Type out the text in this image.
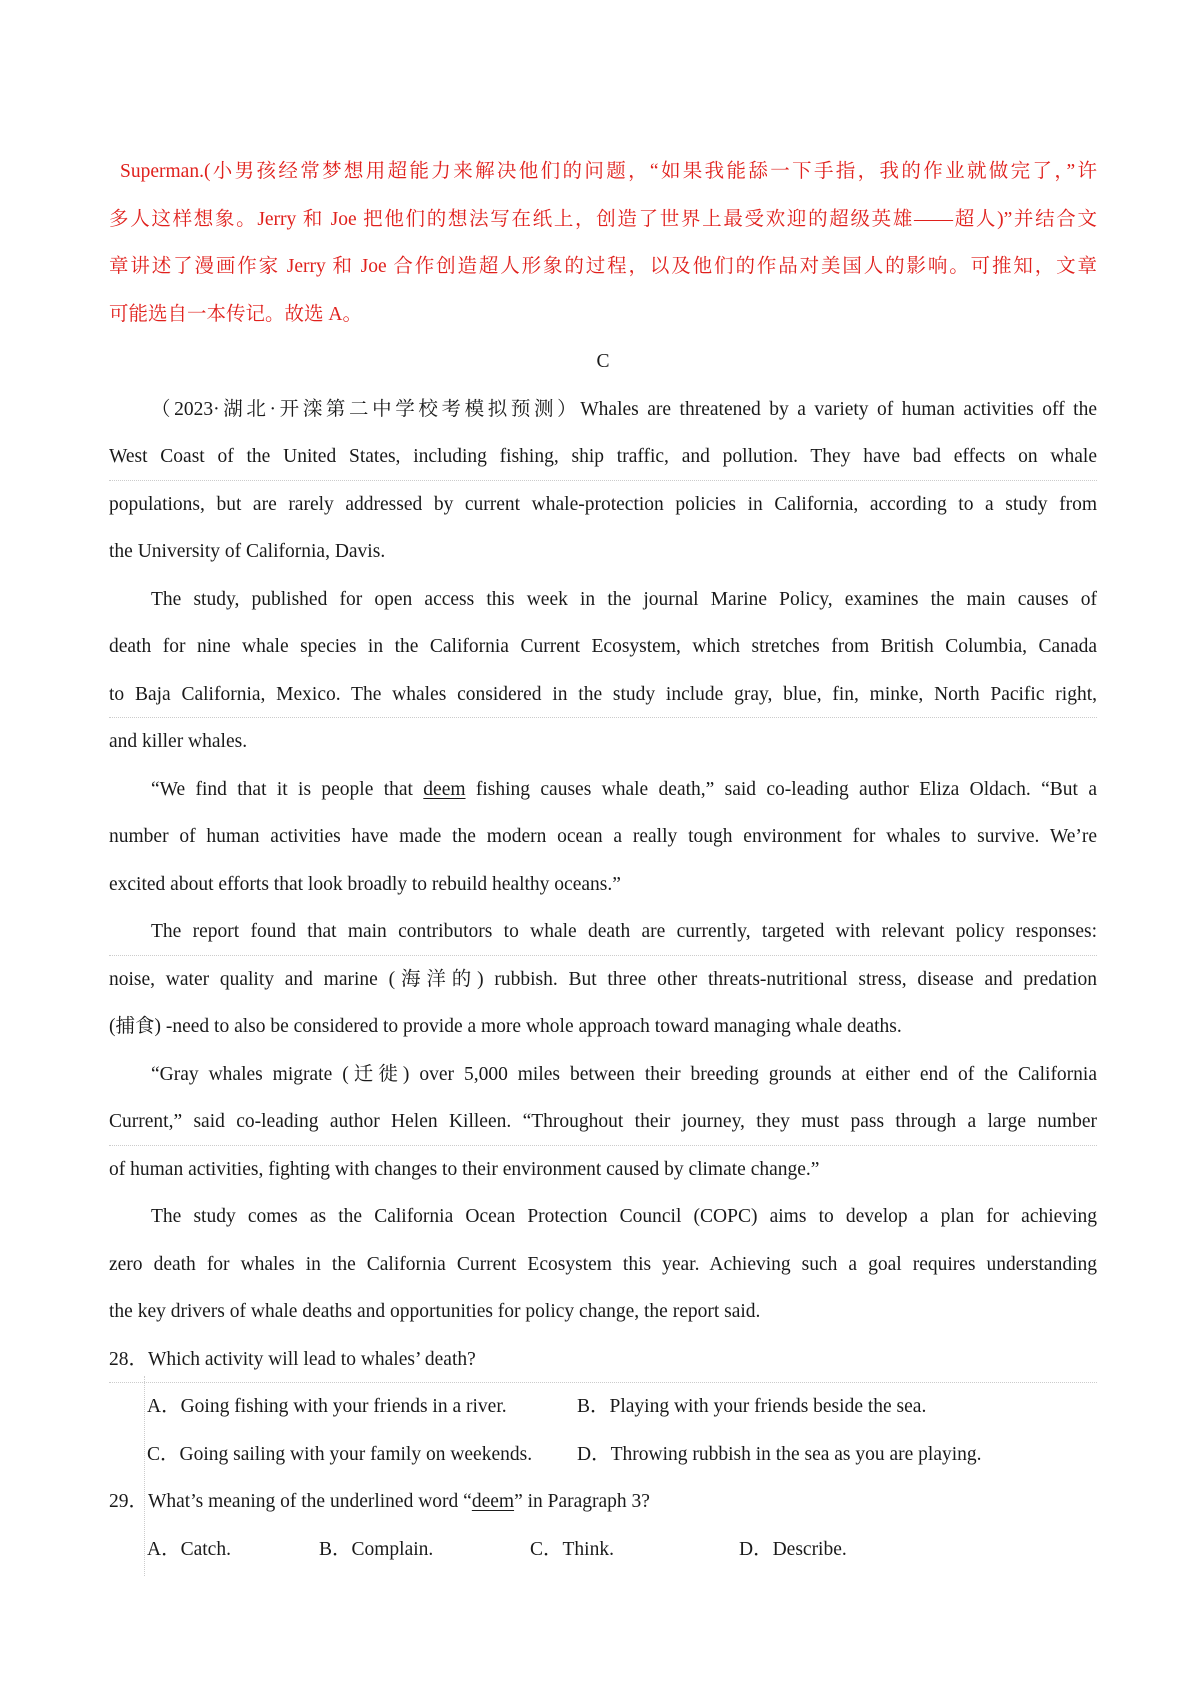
Superman.(小男孩经常梦想用超能力来解决他们的问题，“如果我能舔一下手指，我的作业就做完了，”许
多人这样想象。Jerry 和 Joe 把他们的想法写在纸上，创造了世界上最受欢迎的超级英雄——超人)”并结合文
章讲述了漫画作家 Jerry 和 Joe 合作创造超人形象的过程，以及他们的作品对美国人的影响。可推知，文章
可能选自一本传记。故选 A。
C
（2023·湖北·开滦第二中学校考模拟预测）Whales are threatened by a variety of human activities off the
West Coast of the United States, including fishing, ship traffic, and pollution. They have bad effects on whale
populations, but are rarely addressed by current whale-protection policies in California, according to a study from
the University of California, Davis.
The study, published for open access this week in the journal Marine Policy, examines the main causes of
death for nine whale species in the California Current Ecosystem, which stretches from British Columbia, Canada
to Baja California, Mexico. The whales considered in the study include gray, blue, fin, minke, North Pacific right,
and killer whales.
“We find that it is people that deem fishing causes whale death,” said co-leading author Eliza Oldach. “But a
number of human activities have made the modern ocean a really tough environment for whales to survive. We’re
excited about efforts that look broadly to rebuild healthy oceans.”
The report found that main contributors to whale death are currently, targeted with relevant policy responses:
noise, water quality and marine (海洋的) rubbish. But three other threats-nutritional stress, disease and predation
(捕食) -need to also be considered to provide a more whole approach toward managing whale deaths.
“Gray whales migrate (迁徙) over 5,000 miles between their breeding grounds at either end of the California
Current,” said co-leading author Helen Killeen. “Throughout their journey, they must pass through a large number
of human activities, fighting with changes to their environment caused by climate change.”
The study comes as the California Ocean Protection Council (COPC) aims to develop a plan for achieving
zero death for whales in the California Current Ecosystem this year. Achieving such a goal requires understanding
the key drivers of whale deaths and opportunities for policy change, the report said.
28．Which activity will lead to whales’ death?
A．Going fishing with your friends in a river.	B．Playing with your friends beside the sea.
C．Going sailing with your family on weekends.	D．Throwing rubbish in the sea as you are playing.
29．What’s meaning of the underlined word “deem” in Paragraph 3?
A．Catch.	B．Complain.	C．Think.	D．Describe.
